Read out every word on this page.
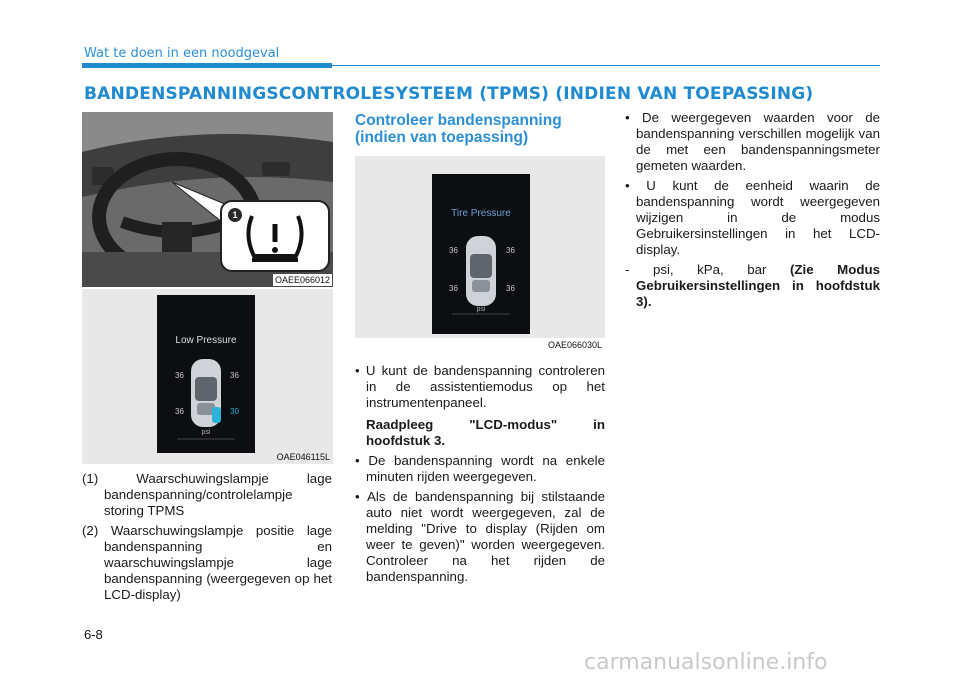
Wat te doen in een noodgeval
BANDENSPANNINGSCONTROLESYSTEEM (TPMS) (INDIEN VAN TOEPASSING)
1
OAEE066012
Low Pressure
36	36
36	30
psi
OAE046115L
(1)	Waarschuwingslampje lage bandenspanning/controlelampje storing TPMS
(2) Waarschuwingslampje positie lage bandenspanning en waarschuwingslampje lage bandenspanning (weergegeven op het LCD-display)
Controleer bandenspanning (indien van toepassing)
Tire Pressure
36	36
36	36
psi
OAE066030L
• U kunt de bandenspanning controleren in de assistentiemodus op het instrumentenpaneel.
Raadpleeg "LCD-modus" in hoofdstuk 3.
• De bandenspanning wordt na enkele minuten rijden weergegeven.
• Als de bandenspanning bij stilstaande auto niet wordt weergegeven, zal de melding "Drive to display (Rijden om weer te geven)" worden weergegeven. Controleer na het rijden de bandenspanning.
• De weergegeven waarden voor de bandenspanning verschillen mogelijk van de met een bandenspanningsmeter gemeten waarden.
• U kunt de eenheid waarin de bandenspanning wordt weergegeven wijzigen in de modus Gebruikersinstellingen in het LCD-display.
- psi, kPa, bar (Zie Modus Gebruikersinstellingen in hoofdstuk 3).
6-8
carmanualsonline.info
